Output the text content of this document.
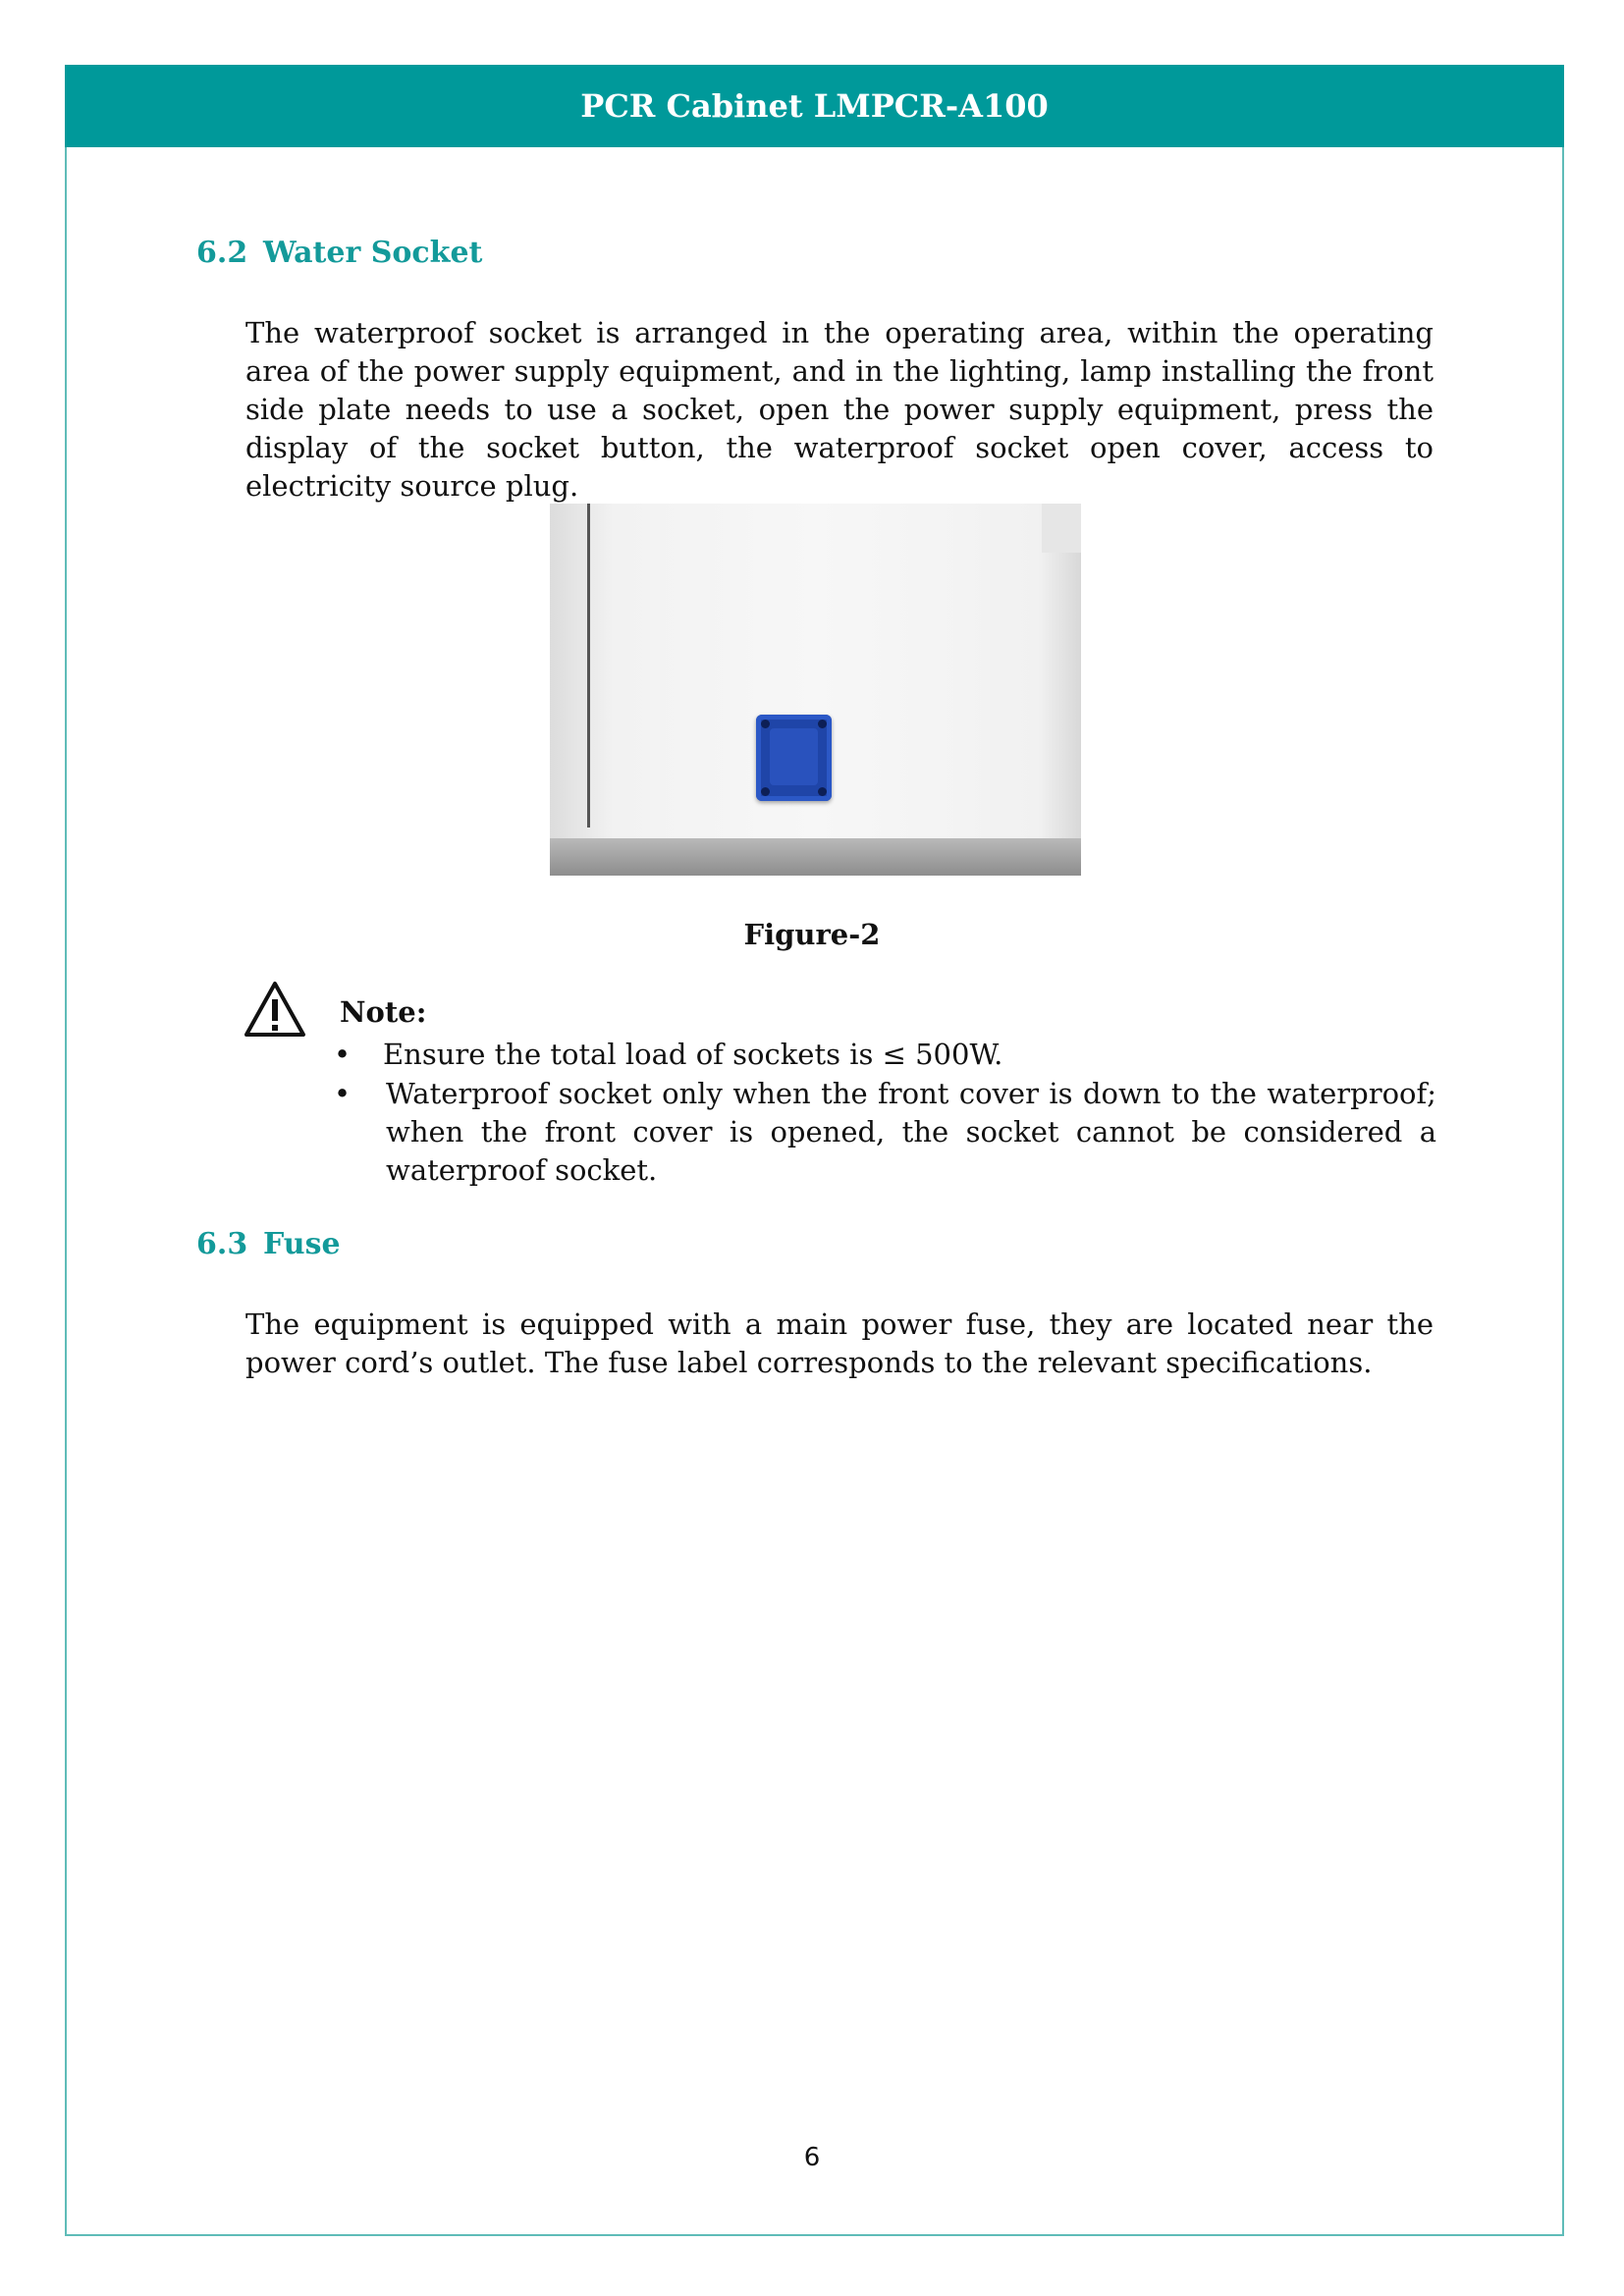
PCR Cabinet LMPCR-A100
6.2 Water Socket
The waterproof socket is arranged in the operating area, within the operating area of the power supply equipment, and in the lighting, lamp installing the front side plate needs to use a socket, open the power supply equipment, press the display of the socket button, the waterproof socket open cover, access to electricity source plug.
Figure-2
Note:
•	Ensure the total load of sockets is ≤ 500W.
•	Waterproof socket only when the front cover is down to the waterproof; when the front cover is opened, the socket cannot be considered a waterproof socket.
6.3 Fuse
The equipment is equipped with a main power fuse, they are located near the power cord’s outlet. The fuse label corresponds to the relevant specifications.
6
